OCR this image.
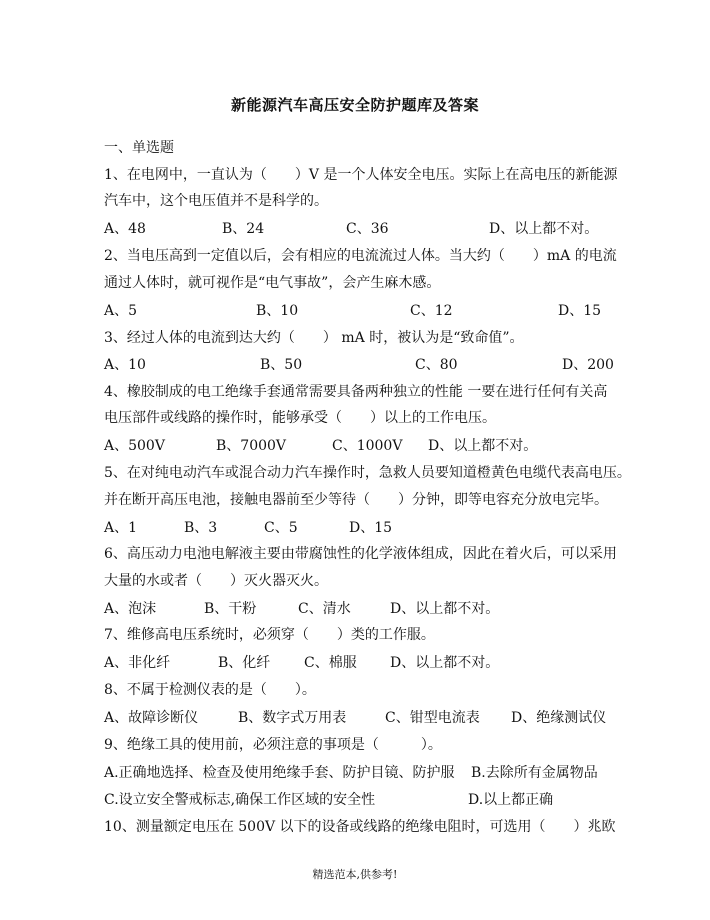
新能源汽车高压安全防护题库及答案
一、单选题
1、在电网中，一直认为（　　）V 是一个人体安全电压。实际上在高电压的新能源
汽车中，这个电压值并不是科学的。
A、48	B、24	C、36	D、以上都不对。
2、当电压高到一定值以后，会有相应的电流流过人体。当大约（　　）mA 的电流
通过人体时，就可视作是“电气事故”，会产生麻木感。
A、5	B、10	C、12	D、15
3、经过人体的电流到达大约（　　） mA 时，被认为是“致命值”。
A、10	B、50	C、80	D、200
4、橡胶制成的电工绝缘手套通常需要具备两种独立的性能 一要在进行任何有关高
电压部件或线路的操作时，能够承受（　　）以上的工作电压。
A、500V	B、7000V	C、1000V D、以上都不对。
5、在对纯电动汽车或混合动力汽车操作时，急救人员要知道橙黄色电缆代表高电压。
并在断开高压电池，接触电器前至少等待（　　）分钟，即等电容充分放电完毕。
A、1	B、3	C、5	D、15
6、高压动力电池电解液主要由带腐蚀性的化学液体组成，因此在着火后，可以采用
大量的水或者（　　）灭火器灭火。
A、泡沫	B、干粉	C、清水	D、以上都不对。
7、维修高电压系统时，必须穿（　　）类的工作服。
A、非化纤	B、化纤 C、棉服 D、以上都不对。
8、不属于检测仪表的是（　　）。
A、故障诊断仪	B、数字式万用表	C、钳型电流表 D、绝缘测试仪
9、绝缘工具的使用前，必须注意的事项是（　　　）。
A.正确地选择、检查及使用绝缘手套、防护目镜、防护服 B.去除所有金属物品
C.设立安全警戒标志,确保工作区域的安全性	D.以上都正确
10、测量额定电压在 500V 以下的设备或线路的绝缘电阻时，可选用（　　）兆欧
精选范本,供参考!
